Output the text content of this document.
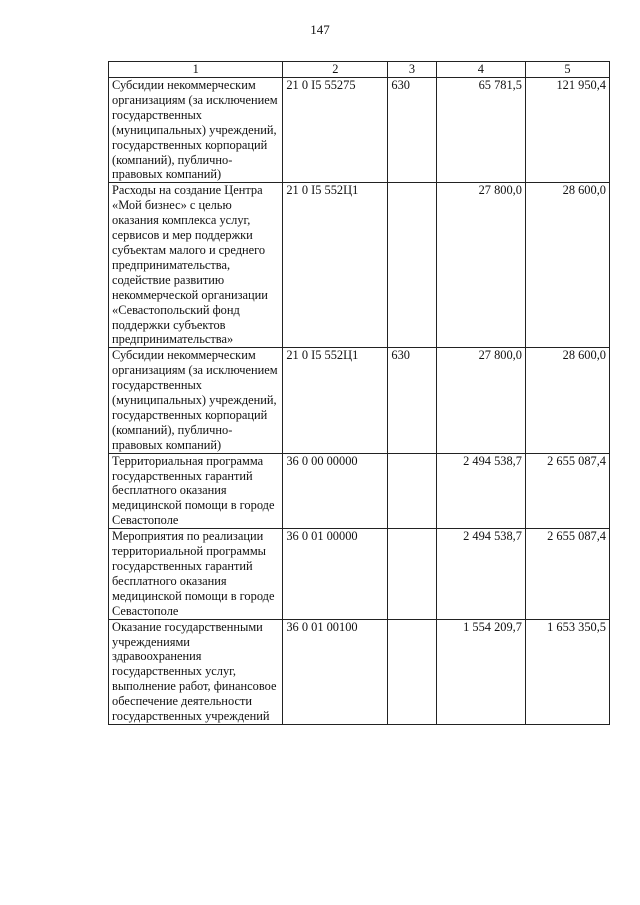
147
1	2	3	4	5
Субсидии некоммерческим организациям (за исключением государственных (муниципальных) учреждений, государственных корпораций (компаний), публично-правовых компаний)	21 0 I5 55275	630	65 781,5	121 950,4
Расходы на создание Центра «Мой бизнес» с целью оказания комплекса услуг, сервисов и мер поддержки субъектам малого и среднего предпринимательства, содействие развитию некоммерческой организации «Севастопольский фонд поддержки субъектов предпринимательства»	21 0 I5 552Ц1		27 800,0	28 600,0
Субсидии некоммерческим организациям (за исключением государственных (муниципальных) учреждений, государственных корпораций (компаний), публично-правовых компаний)	21 0 I5 552Ц1	630	27 800,0	28 600,0
Территориальная программа государственных гарантий бесплатного оказания медицинской помощи в городе Севастополе	36 0 00 00000		2 494 538,7	2 655 087,4
Мероприятия по реализации территориальной программы государственных гарантий бесплатного оказания медицинской помощи в городе Севастополе	36 0 01 00000		2 494 538,7	2 655 087,4
Оказание государственными учреждениями здравоохранения государственных услуг, выполнение работ, финансовое обеспечение деятельности государственных учреждений	36 0 01 00100		1 554 209,7	1 653 350,5
